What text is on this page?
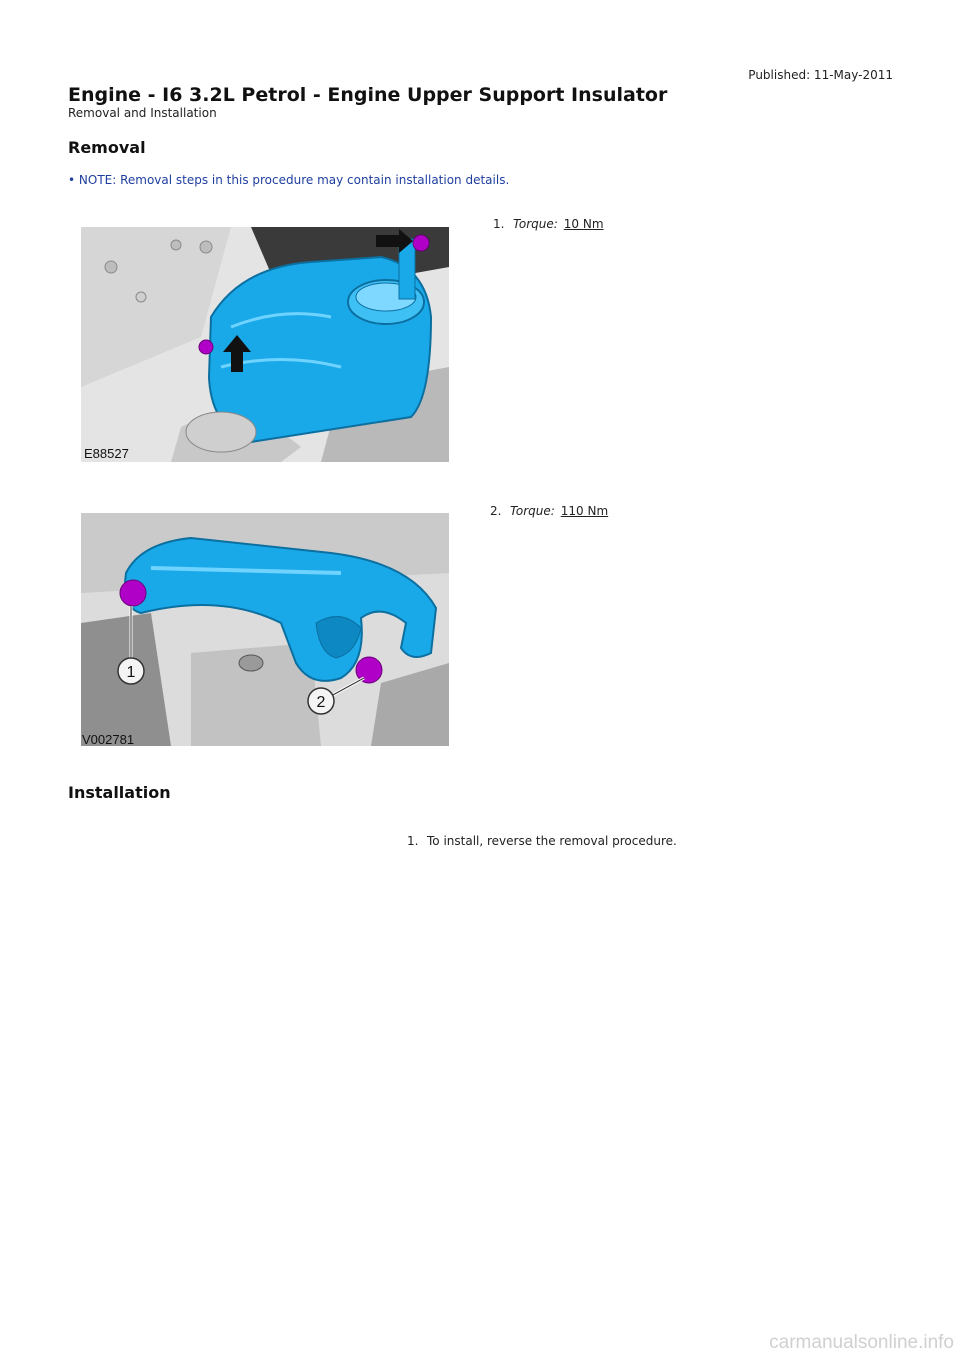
Published: 11-May-2011
Engine - I6 3.2L Petrol - Engine Upper Support Insulator
Removal and Installation
Removal
• NOTE: Removal steps in this procedure may contain installation details.
E88527
1. Torque: 10 Nm
1
2
V002781
2. Torque: 110 Nm
Installation
1. To install, reverse the removal procedure.
carmanualsonline.info
